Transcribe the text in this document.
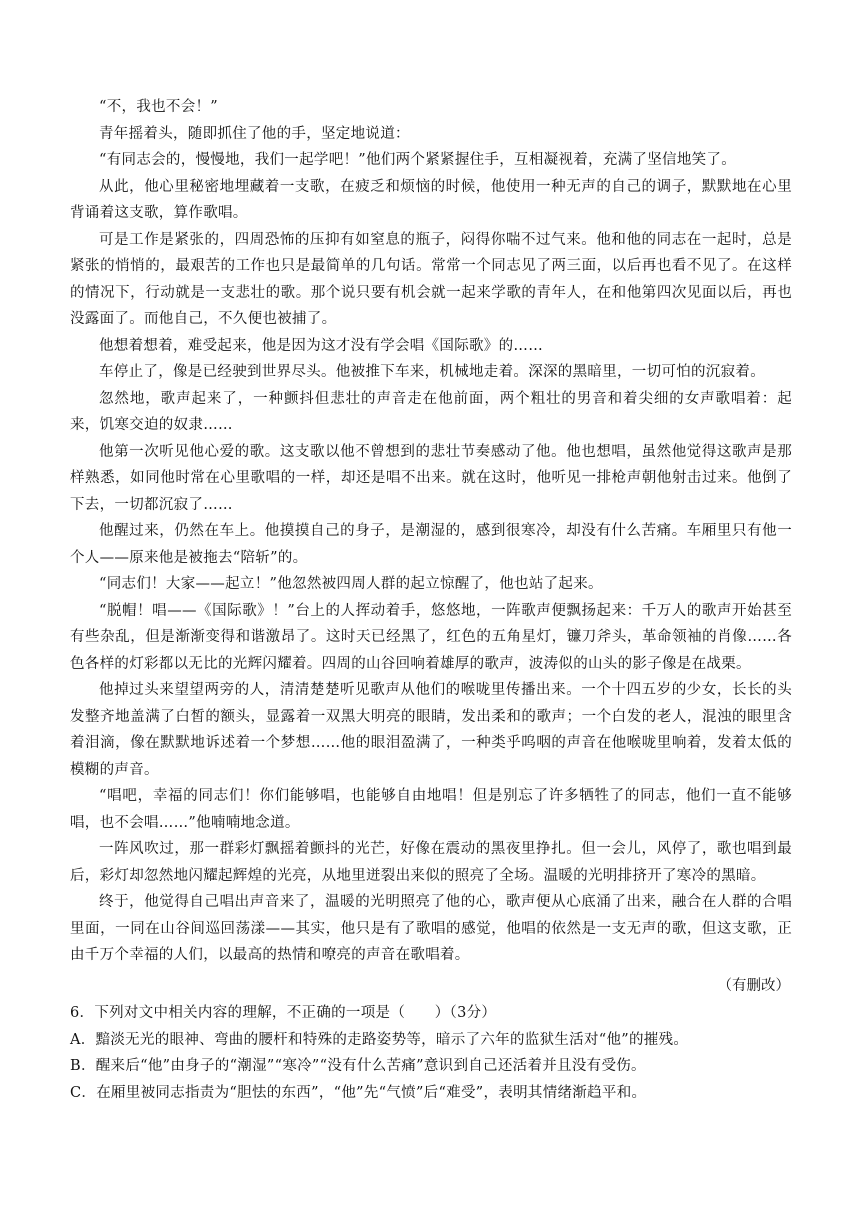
“不，我也不会！”

青年摇着头，随即抓住了他的手，坚定地说道：

“有同志会的，慢慢地，我们一起学吧！”他们两个紧紧握住手，互相凝视着，充满了坚信地笑了。

从此，他心里秘密地埋藏着一支歌，在疲乏和烦恼的时候，他使用一种无声的自己的调子，默默地在心里背诵着这支歌，算作歌唱。

可是工作是紧张的，四周恐怖的压抑有如窒息的瓶子，闷得你喘不过气来。他和他的同志在一起时，总是紧张的悄悄的，最艰苦的工作也只是最简单的几句话。常常一个同志见了两三面，以后再也看不见了。在这样的情况下，行动就是一支悲壮的歌。那个说只要有机会就一起来学歌的青年人，在和他第四次见面以后，再也没露面了。而他自己，不久便也被捕了。

他想着想着，难受起来，他是因为这才没有学会唱《国际歌》的……

车停止了，像是已经驶到世界尽头。他被推下车来，机械地走着。深深的黑暗里，一切可怕的沉寂着。

忽然地，歌声起来了，一种颤抖但悲壮的声音走在他前面，两个粗壮的男音和着尖细的女声歌唱着：起来，饥寒交迫的奴隶……

他第一次听见他心爱的歌。这支歌以他不曾想到的悲壮节奏感动了他。他也想唱，虽然他觉得这歌声是那样熟悉，如同他时常在心里歌唱的一样，却还是唱不出来。就在这时，他听见一排枪声朝他射击过来。他倒了下去，一切都沉寂了……

他醒过来，仍然在车上。他摸摸自己的身子，是潮湿的，感到很寒冷，却没有什么苦痛。车厢里只有他一个人——原来他是被拖去“陪斩”的。

“同志们！大家——起立！”他忽然被四周人群的起立惊醒了，他也站了起来。

“脱帽！唱——《国际歌》！”台上的人挥动着手，悠悠地，一阵歌声便飘扬起来：千万人的歌声开始甚至有些杂乱，但是渐渐变得和谐激昂了。这时天已经黑了，红色的五角星灯，镰刀斧头，革命领袖的肖像……各色各样的灯彩都以无比的光辉闪耀着。四周的山谷回响着雄厚的歌声，波涛似的山头的影子像是在战栗。

他掉过头来望望两旁的人，清清楚楚听见歌声从他们的喉咙里传播出来。一个十四五岁的少女，长长的头发整齐地盖满了白皙的额头，显露着一双黑大明亮的眼睛，发出柔和的歌声；一个白发的老人，混浊的眼里含着泪滴，像在默默地诉述着一个梦想……他的眼泪盈满了，一种类乎呜咽的声音在他喉咙里响着，发着太低的模糊的声音。

“唱吧，幸福的同志们！你们能够唱，也能够自由地唱！但是别忘了许多牺牲了的同志，他们一直不能够唱，也不会唱……”他喃喃地念道。

一阵风吹过，那一群彩灯飘摇着颤抖的光芒，好像在震动的黑夜里挣扎。但一会儿，风停了，歌也唱到最后，彩灯却忽然地闪耀起辉煌的光亮，从地里迸裂出来似的照亮了全场。温暖的光明排挤开了寒冷的黑暗。

终于，他觉得自己唱出声音来了，温暖的光明照亮了他的心，歌声便从心底涌了出来，融合在人群的合唱里面，一同在山谷间巡回荡漾——其实，他只是有了歌唱的感觉，他唱的依然是一支无声的歌，但这支歌，正由千万个幸福的人们，以最高的热情和嘹亮的声音在歌唱着。

（有删改）

6．下列对文中相关内容的理解，不正确的一项是（　　）（3分）

A．黯淡无光的眼神、弯曲的腰杆和特殊的走路姿势等，暗示了六年的监狱生活对“他”的摧残。

B．醒来后“他”由身子的“潮湿”“寒冷”“没有什么苦痛”意识到自己还活着并且没有受伤。

C．在厢里被同志指责为“胆怯的东西”，“他”先“气愤”后“难受”，表明其情绪渐趋平和。
